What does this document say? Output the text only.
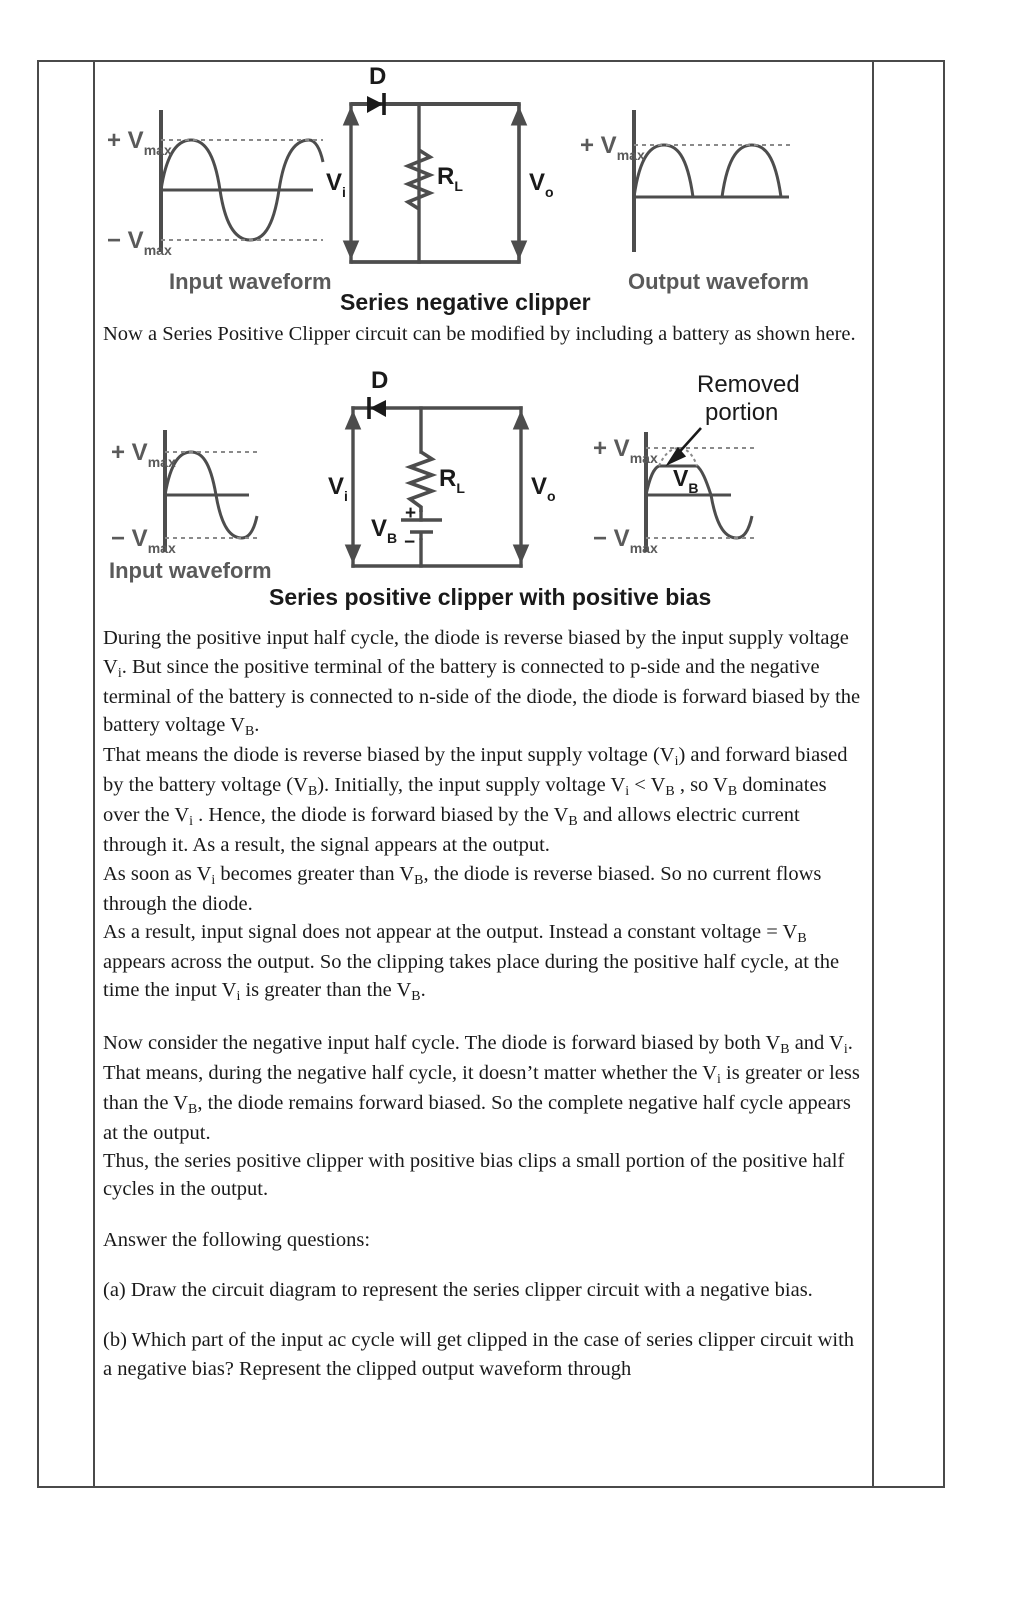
+ $V_{max}$
− $V_{max}$
Input waveform
D
$R_L$
$V_i$	$V_o$
Series negative clipper
+ $V_{max}$
Output waveform

Now a Series Positive Clipper circuit can be modified by including a battery as shown here.

+ $V_{max}$
− $V_{max}$
Input waveform
D
$R_L$
+
−
$V_B$
$V_i$	$V_o$
Series positive clipper with positive bias
+ $V_{max}$
− $V_{max}$
$V_B$
Removed
portion

During the positive input half cycle, the diode is reverse biased by the input supply voltage $V_i$. But since the positive terminal of the battery is connected to p-side and the negative terminal of the battery is connected to n-side of the diode, the diode is forward biased by the battery voltage $V_B$.

That means the diode is reverse biased by the input supply voltage $(V_i)$ and forward biased by the battery voltage $(V_B)$. Initially, the input supply voltage $V_i < V_B$ , so $V_B$ dominates over the $V_i$ . Hence, the diode is forward biased by the $V_B$ and allows electric current through it. As a result, the signal appears at the output.

As soon as $V_i$ becomes greater than $V_B$, the diode is reverse biased. So no current flows through the diode.

As a result, input signal does not appear at the output. Instead a constant voltage = $V_B$ appears across the output. So the clipping takes place during the positive half cycle, at the time the input $V_i$ is greater than the $V_B$.

Now consider the negative input half cycle. The diode is forward biased by both $V_B$ and $V_i$. That means, during the negative half cycle, it doesn’t matter whether the $V_i$ is greater or less than the $V_B$, the diode remains forward biased. So the complete negative half cycle appears at the output.

Thus, the series positive clipper with positive bias clips a small portion of the positive half cycles in the output.

Answer the following questions:

(a) Draw the circuit diagram to represent the series clipper circuit with a negative bias.

(b) Which part of the input ac cycle will get clipped in the case of series clipper circuit with a negative bias? Represent the clipped output waveform through
